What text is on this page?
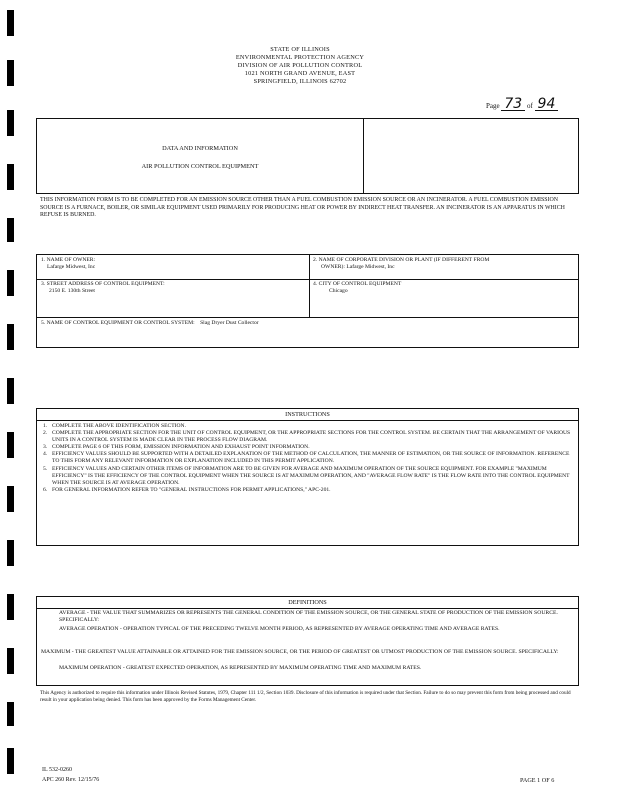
STATE OF ILLINOIS
ENVIRONMENTAL PROTECTION AGENCY
DIVISION OF AIR POLLUTION CONTROL
1021 NORTH GRAND AVENUE, EAST
SPRINGFIELD, ILLINOIS 62702
Page 73 of 94
DATA AND INFORMATION
AIR POLLUTION CONTROL EQUIPMENT
THIS INFORMATION FORM IS TO BE COMPLETED FOR AN EMISSION SOURCE OTHER THAN A FUEL COMBUSTION EMISSION SOURCE OR AN INCINERATOR. A FUEL COMBUSTION EMISSION SOURCE IS A FURNACE, BOILER, OR SIMILAR EQUIPMENT USED PRIMARILY FOR PRODUCING HEAT OR POWER BY INDIRECT HEAT TRANSFER. AN INCINERATOR IS AN APPARATUS IN WHICH REFUSE IS BURNED.
1. NAME OF OWNER:
Lafarge Midwest, Inc
2. NAME OF CORPORATE DIVISION OR PLANT (IF DIFFERENT FROM
OWNER): Lafarge Midwest, Inc
3. STREET ADDRESS OF CONTROL EQUIPMENT:
2150 E. 130th Street
4. CITY OF CONTROL EQUIPMENT
Chicago
5. NAME OF CONTROL EQUIPMENT OR CONTROL SYSTEM: Slag Dryer Dust Collector
INSTRUCTIONS
1. COMPLETE THE ABOVE IDENTIFICATION SECTION.
2. COMPLETE THE APPROPRIATE SECTION FOR THE UNIT OF CONTROL EQUIPMENT, OR THE APPROPRIATE SECTIONS FOR THE CONTROL SYSTEM. BE CERTAIN THAT THE ARRANGEMENT OF VARIOUS UNITS IN A CONTROL SYSTEM IS MADE CLEAR IN THE PROCESS FLOW DIAGRAM.
3. COMPLETE PAGE 6 OF THIS FORM, EMISSION INFORMATION AND EXHAUST POINT INFORMATION.
4. EFFICIENCY VALUES SHOULD BE SUPPORTED WITH A DETAILED EXPLANATION OF THE METHOD OF CALCULATION, THE MANNER OF ESTIMATION, OR THE SOURCE OF INFORMATION. REFERENCE TO THIS FORM ANY RELEVANT INFORMATION OR EXPLANATION INCLUDED IN THIS PERMIT APPLICATION.
5. EFFICIENCY VALUES AND CERTAIN OTHER ITEMS OF INFORMATION ARE TO BE GIVEN FOR AVERAGE AND MAXIMUM OPERATION OF THE SOURCE EQUIPMENT. FOR EXAMPLE "MAXIMUM EFFICIENCY" IS THE EFFICIENCY OF THE CONTROL EQUIPMENT WHEN THE SOURCE IS AT MAXIMUM OPERATION, AND "AVERAGE FLOW RATE" IS THE FLOW RATE INTO THE CONTROL EQUIPMENT WHEN THE SOURCE IS AT AVERAGE OPERATION.
6. FOR GENERAL INFORMATION REFER TO "GENERAL INSTRUCTIONS FOR PERMIT APPLICATIONS," APC-201.
DEFINITIONS
AVERAGE - THE VALUE THAT SUMMARIZES OR REPRESENTS THE GENERAL CONDITION OF THE EMISSION SOURCE, OR THE GENERAL STATE OF PRODUCTION OF THE EMISSION SOURCE. SPECIFICALLY:
AVERAGE OPERATION - OPERATION TYPICAL OF THE PRECEDING TWELVE MONTH PERIOD, AS REPRESENTED BY AVERAGE OPERATING TIME AND AVERAGE RATES.
MAXIMUM - THE GREATEST VALUE ATTAINABLE OR ATTAINED FOR THE EMISSION SOURCE, OR THE PERIOD OF GREATEST OR UTMOST PRODUCTION OF THE EMISSION SOURCE. SPECIFICALLY:
MAXIMUM OPERATION - GREATEST EXPECTED OPERATION, AS REPRESENTED BY MAXIMUM OPERATING TIME AND MAXIMUM RATES.
This Agency is authorized to require this information under Illinois Revised Statutes, 1979, Chapter 111 1/2, Section 1039. Disclosure of this information is required under that Section. Failure to do so may prevent this form from being processed and could result in your application being denied. This form has been approved by the Forms Management Center.
IL 532-0260
APC 260 Rev. 12/15/76	PAGE 1 OF 6
